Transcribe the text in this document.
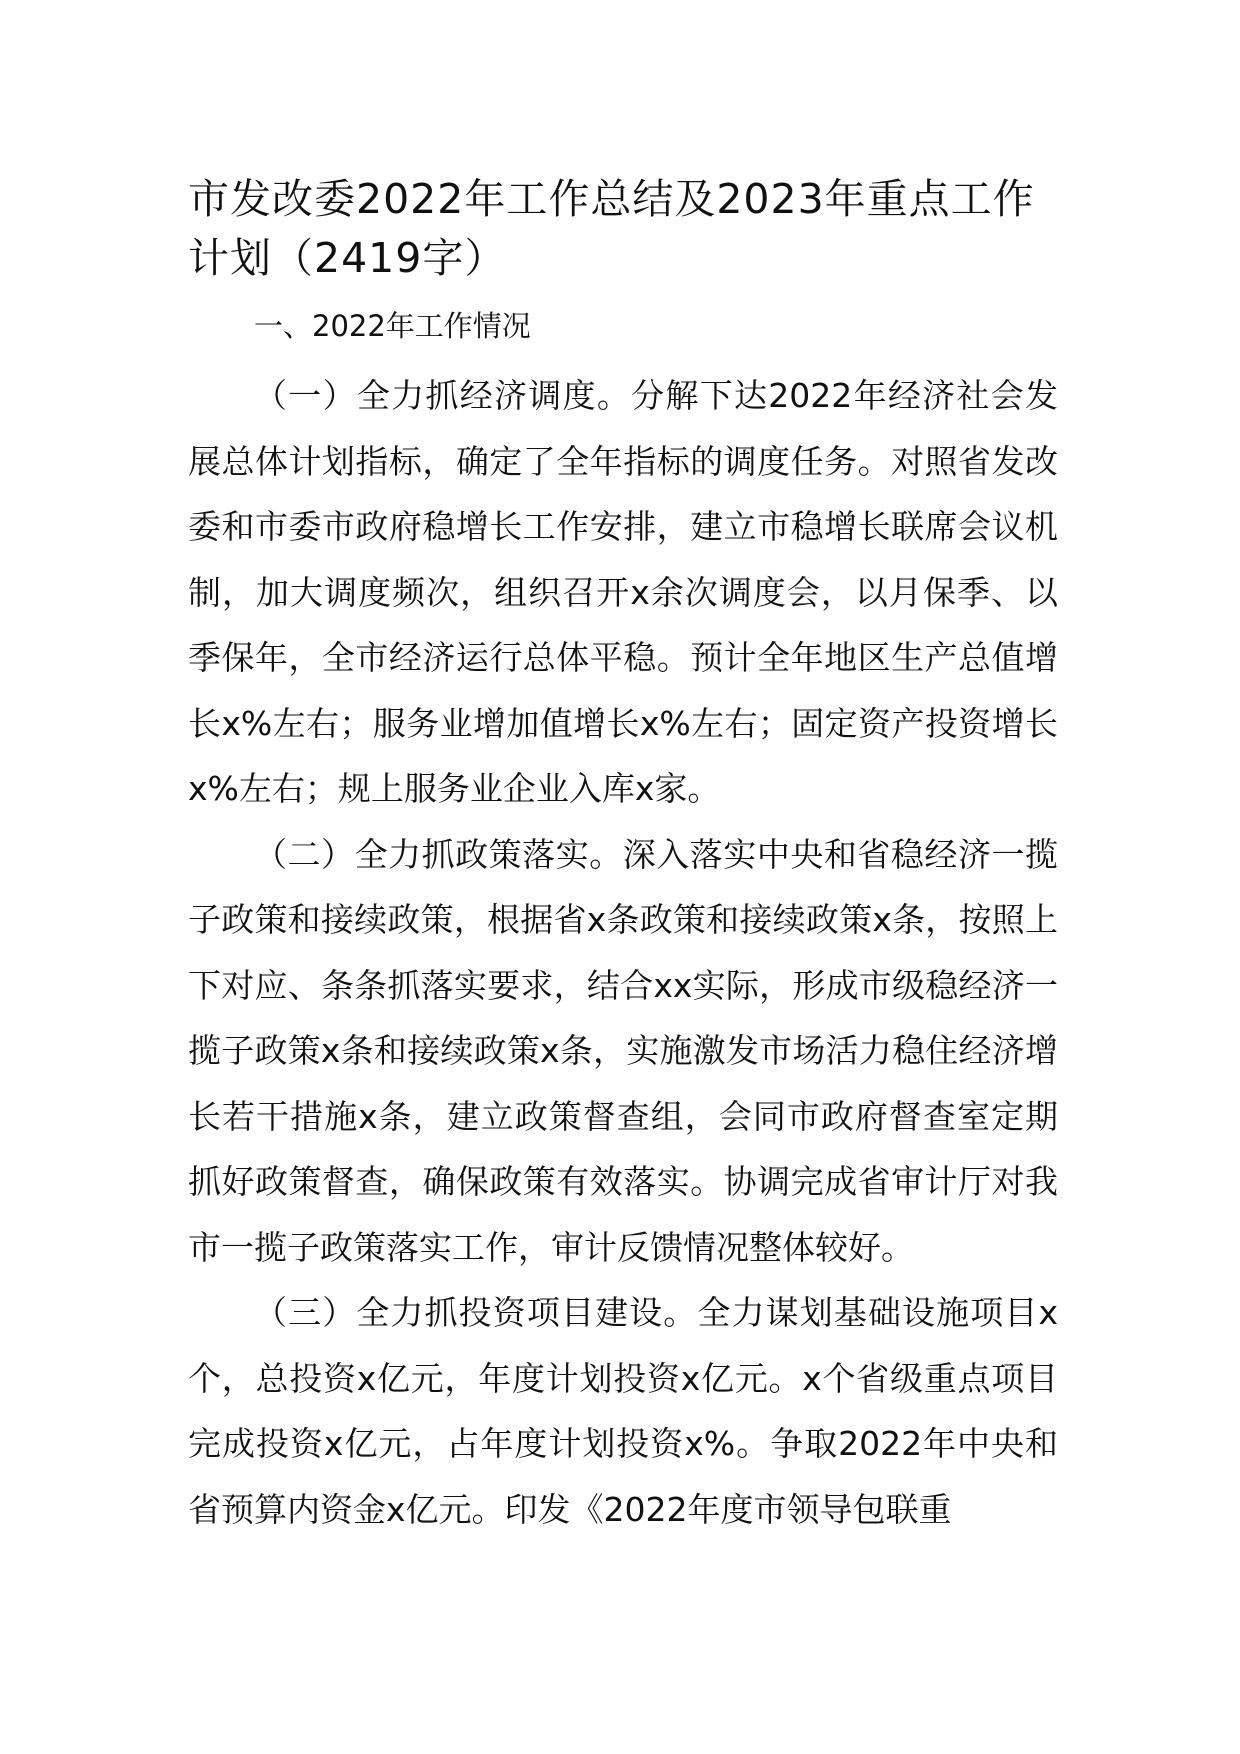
市发改委2022年工作总结及2023年重点工作计划（2419字）

一、2022年工作情况

（一）全力抓经济调度。分解下达2022年经济社会发展总体计划指标，确定了全年指标的调度任务。对照省发改委和市委市政府稳增长工作安排，建立市稳增长联席会议机制，加大调度频次，组织召开x余次调度会，以月保季、以季保年，全市经济运行总体平稳。预计全年地区生产总值增长x%左右；服务业增加值增长x%左右；固定资产投资增长x%左右；规上服务业企业入库x家。

（二）全力抓政策落实。深入落实中央和省稳经济一揽子政策和接续政策，根据省x条政策和接续政策x条，按照上下对应、条条抓落实要求，结合xx实际，形成市级稳经济一揽子政策x条和接续政策x条，实施激发市场活力稳住经济增长若干措施x条，建立政策督查组，会同市政府督查室定期抓好政策督查，确保政策有效落实。协调完成省审计厅对我市一揽子政策落实工作，审计反馈情况整体较好。

（三）全力抓投资项目建设。全力谋划基础设施项目x个，总投资x亿元，年度计划投资x亿元。x个省级重点项目完成投资x亿元，占年度计划投资x%。争取2022年中央和省预算内资金x亿元。印发《2022年度市领导包联重
